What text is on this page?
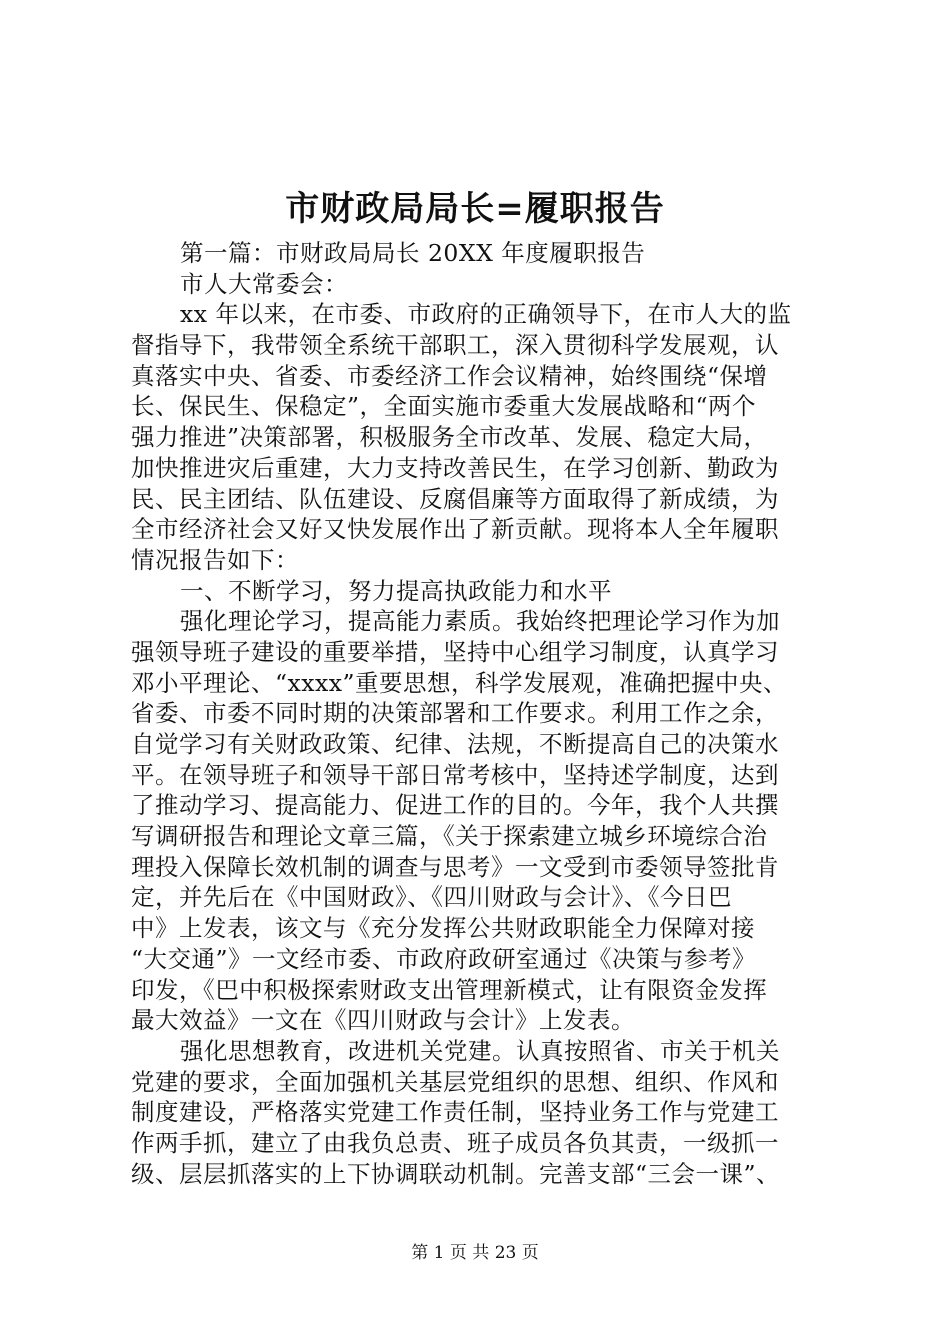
市财政局局长=履职报告
第一篇：市财政局局长 20XX 年度履职报告
市人大常委会：
xx 年以来，在市委、市政府的正确领导下，在市人大的监
督指导下，我带领全系统干部职工，深入贯彻科学发展观，认
真落实中央、省委、市委经济工作会议精神，始终围绕“保增
长、保民生、保稳定”，全面实施市委重大发展战略和“两个
强力推进”决策部署，积极服务全市改革、发展、稳定大局，
加快推进灾后重建，大力支持改善民生，在学习创新、勤政为
民、民主团结、队伍建设、反腐倡廉等方面取得了新成绩，为
全市经济社会又好又快发展作出了新贡献。现将本人全年履职
情况报告如下：
一、不断学习，努力提高执政能力和水平
强化理论学习，提高能力素质。我始终把理论学习作为加
强领导班子建设的重要举措，坚持中心组学习制度，认真学习
邓小平理论、“xxxx”重要思想，科学发展观，准确把握中央、
省委、市委不同时期的决策部署和工作要求。利用工作之余，
自觉学习有关财政政策、纪律、法规，不断提高自己的决策水
平。在领导班子和领导干部日常考核中，坚持述学制度，达到
了推动学习、提高能力、促进工作的目的。今年，我个人共撰
写调研报告和理论文章三篇，《关于探索建立城乡环境综合治
理投入保障长效机制的调查与思考》一文受到市委领导签批肯
定，并先后在《中国财政》、《四川财政与会计》、《今日巴
中》上发表，该文与《充分发挥公共财政职能全力保障对接
“大交通”》一文经市委、市政府政研室通过《决策与参考》
印发，《巴中积极探索财政支出管理新模式，让有限资金发挥
最大效益》一文在《四川财政与会计》上发表。
强化思想教育，改进机关党建。认真按照省、市关于机关
党建的要求，全面加强机关基层党组织的思想、组织、作风和
制度建设，严格落实党建工作责任制，坚持业务工作与党建工
作两手抓，建立了由我负总责、班子成员各负其责，一级抓一
级、层层抓落实的上下协调联动机制。完善支部“三会一课”、
第 1 页 共 23 页
